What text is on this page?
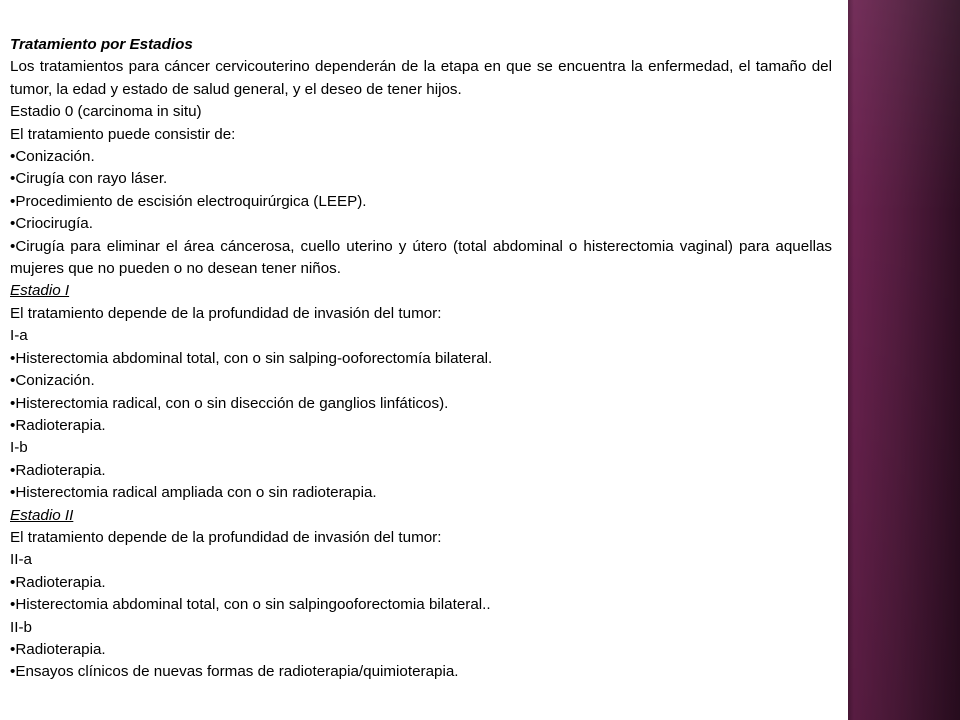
Tratamiento por Estadios

Los tratamientos para cáncer cervicouterino dependerán de la etapa en que se encuentra la enfermedad, el tamaño del tumor, la edad y estado de salud general, y el deseo de tener hijos.

Estadio 0 (carcinoma in situ)

El tratamiento puede consistir de:

•Conización.

•Cirugía con rayo láser.

•Procedimiento de escisión electroquirúrgica (LEEP).

•Criocirugía.

•Cirugía para eliminar el área cáncerosa, cuello uterino y útero (total abdominal o histerectomia vaginal) para aquellas mujeres que no pueden o no desean tener niños.

Estadio I

El tratamiento depende de la profundidad de invasión del tumor:

I-a

•Histerectomia abdominal total, con o sin salping-ooforectomía bilateral.

•Conización.

•Histerectomia radical, con o sin disección de ganglios linfáticos).

•Radioterapia.

I-b

•Radioterapia.

•Histerectomia radical ampliada con o sin radioterapia.

Estadio II

El tratamiento depende de la profundidad de invasión del tumor:

II-a

•Radioterapia.

•Histerectomia abdominal total, con o sin salpingooforectomia bilateral..

II-b

•Radioterapia.

•Ensayos clínicos de nuevas formas de radioterapia/quimioterapia.
